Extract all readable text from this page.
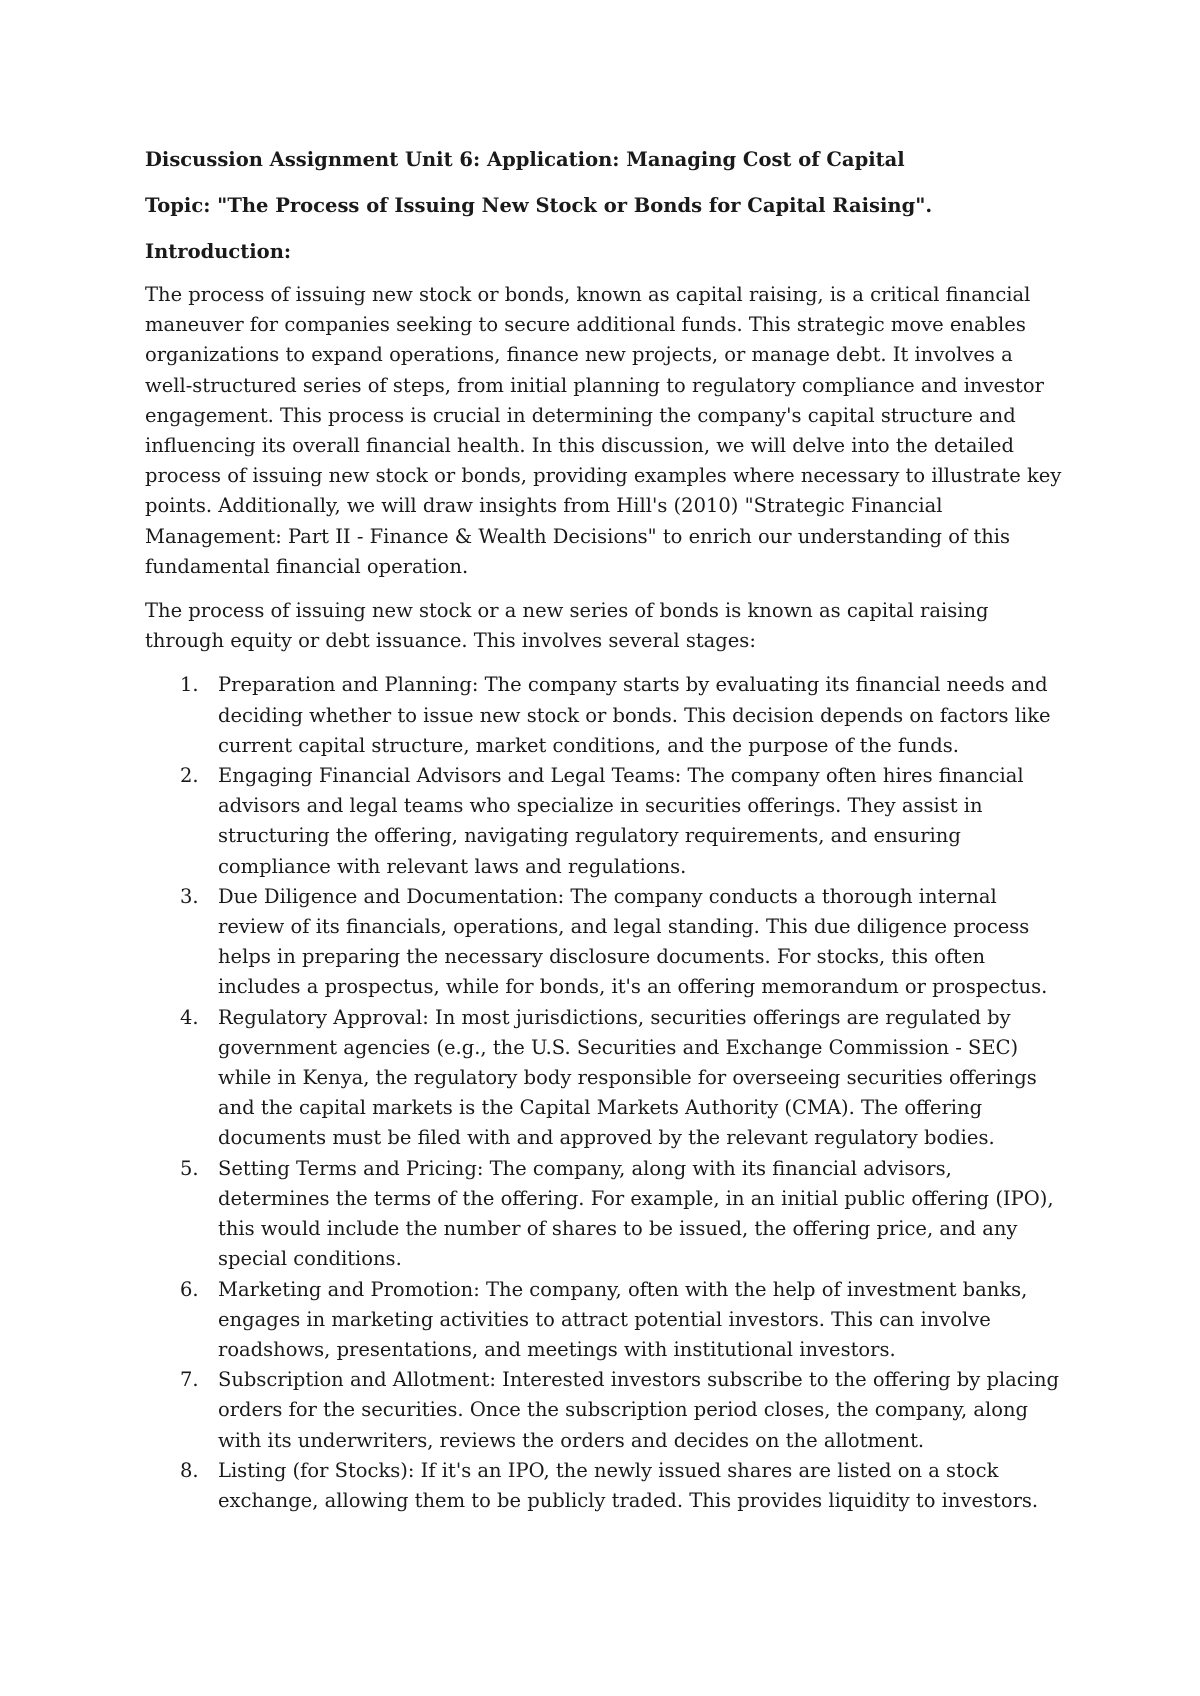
Discussion Assignment Unit 6: Application: Managing Cost of Capital
Topic: "The Process of Issuing New Stock or Bonds for Capital Raising".
Introduction:

The process of issuing new stock or bonds, known as capital raising, is a critical financial maneuver for companies seeking to secure additional funds. This strategic move enables organizations to expand operations, finance new projects, or manage debt. It involves a well-structured series of steps, from initial planning to regulatory compliance and investor engagement. This process is crucial in determining the company's capital structure and influencing its overall financial health. In this discussion, we will delve into the detailed process of issuing new stock or bonds, providing examples where necessary to illustrate key points. Additionally, we will draw insights from Hill's (2010) "Strategic Financial Management: Part II - Finance & Wealth Decisions" to enrich our understanding of this fundamental financial operation.

The process of issuing new stock or a new series of bonds is known as capital raising through equity or debt issuance. This involves several stages:

1. Preparation and Planning: The company starts by evaluating its financial needs and deciding whether to issue new stock or bonds. This decision depends on factors like current capital structure, market conditions, and the purpose of the funds.
2. Engaging Financial Advisors and Legal Teams: The company often hires financial advisors and legal teams who specialize in securities offerings. They assist in structuring the offering, navigating regulatory requirements, and ensuring compliance with relevant laws and regulations.
3. Due Diligence and Documentation: The company conducts a thorough internal review of its financials, operations, and legal standing. This due diligence process helps in preparing the necessary disclosure documents. For stocks, this often includes a prospectus, while for bonds, it's an offering memorandum or prospectus.
4. Regulatory Approval: In most jurisdictions, securities offerings are regulated by government agencies (e.g., the U.S. Securities and Exchange Commission - SEC) while in Kenya, the regulatory body responsible for overseeing securities offerings and the capital markets is the Capital Markets Authority (CMA). The offering documents must be filed with and approved by the relevant regulatory bodies.
5. Setting Terms and Pricing: The company, along with its financial advisors, determines the terms of the offering. For example, in an initial public offering (IPO), this would include the number of shares to be issued, the offering price, and any special conditions.
6. Marketing and Promotion: The company, often with the help of investment banks, engages in marketing activities to attract potential investors. This can involve roadshows, presentations, and meetings with institutional investors.
7. Subscription and Allotment: Interested investors subscribe to the offering by placing orders for the securities. Once the subscription period closes, the company, along with its underwriters, reviews the orders and decides on the allotment.
8. Listing (for Stocks): If it's an IPO, the newly issued shares are listed on a stock exchange, allowing them to be publicly traded. This provides liquidity to investors.
